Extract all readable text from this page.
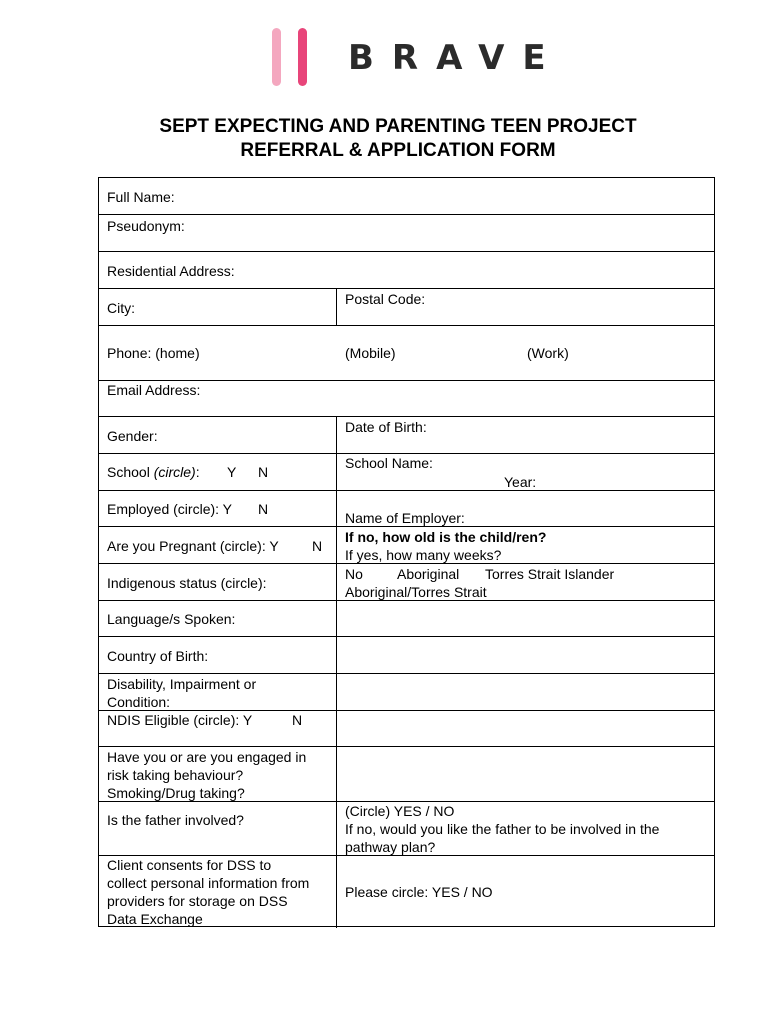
BRAVE
SEPT EXPECTING AND PARENTING TEEN PROJECT
REFERRAL & APPLICATION FORM
Full Name:
Pseudonym:
Residential Address:
City:
Phone: (home)
Email Address:
Gender:
School (circle): Y N
Employed (circle): Y N
Are you Pregnant (circle): Y N
Indigenous status (circle):
Language/s Spoken:
Country of Birth:
Disability, Impairment or
Condition:
NDIS Eligible (circle): Y	N
Have you or are you engaged in
risk taking behaviour?
Smoking/Drug taking?
Is the father involved?
Client consents for DSS to
collect personal information from
providers for storage on DSS
Data Exchange
Postal Code:
(Mobile)	(Work)
Date of Birth:
School Name:
Year:
Name of Employer:
If no, how old is the child/ren?
If yes, how many weeks?
No Aboriginal Torres Strait Islander
Aboriginal/Torres Strait
(Circle) YES / NO
If no, would you like the father to be involved in the
pathway plan?
Please circle: YES / NO
